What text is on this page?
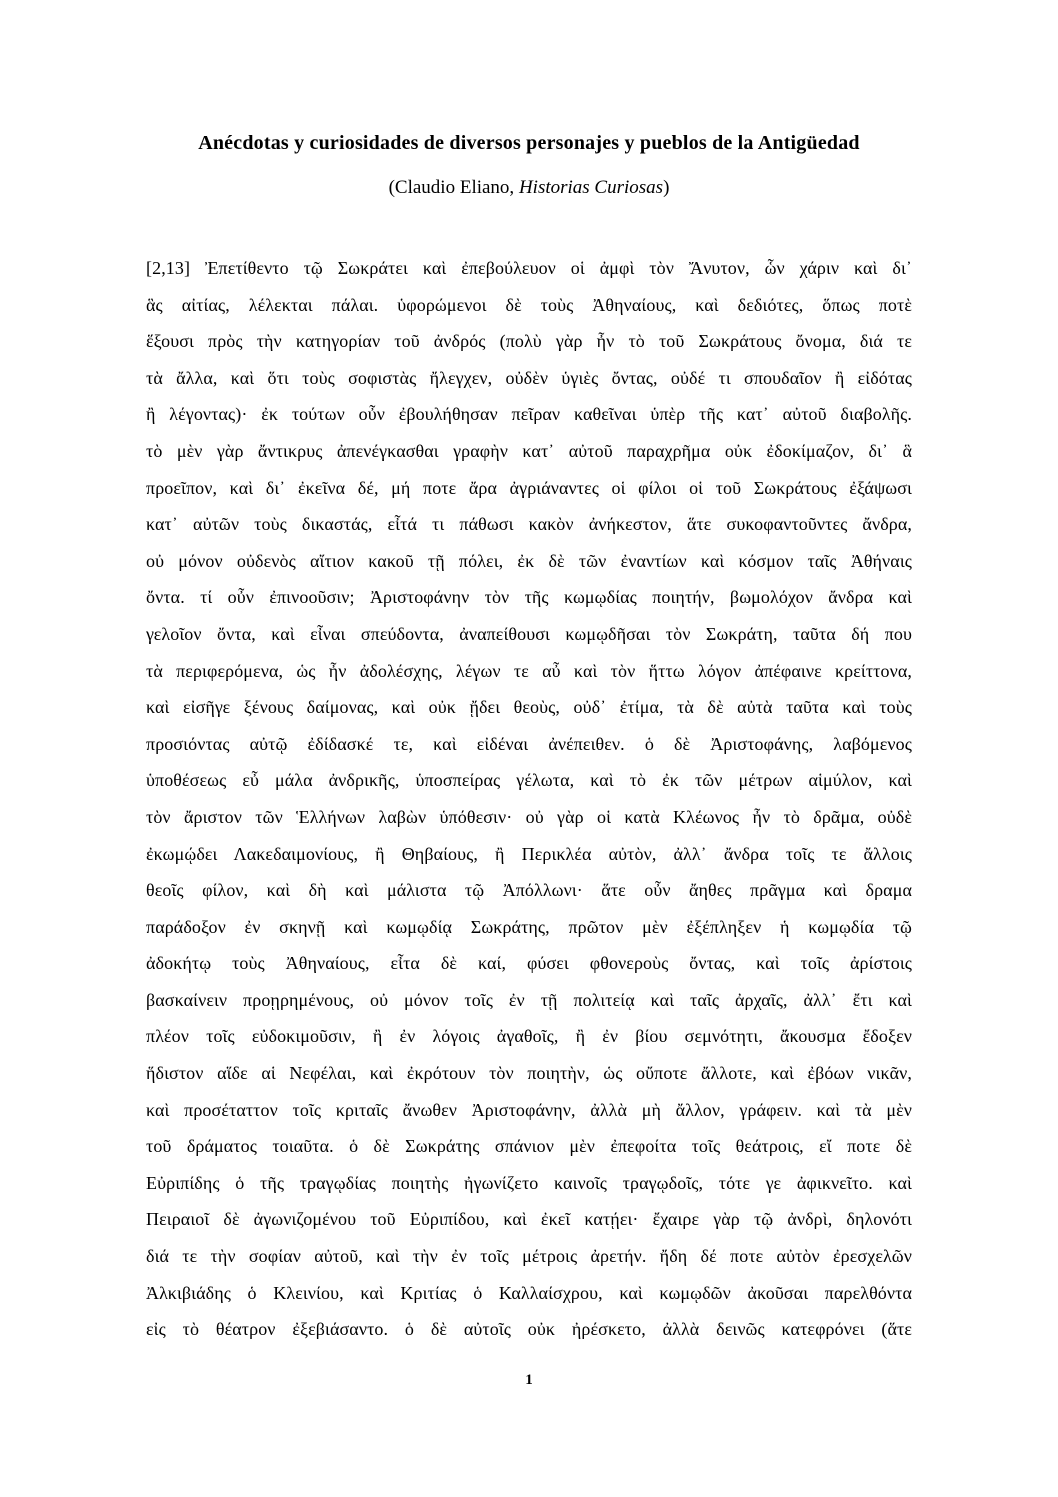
Anécdotas y curiosidades de diversos personajes y pueblos de la Antigüedad
(Claudio Eliano, Historias Curiosas)
[2,13] Ἐπετίθεντο τῷ Σωκράτει καὶ ἐπεβούλευον οἱ ἀμφὶ τὸν Ἄνυτον, ὧν χάριν καὶ δι᾽
ἃς αἰτίας, λέλεκται πάλαι. ὑφορώμενοι δὲ τοὺς Ἀθηναίους, καὶ δεδιότες, ὅπως ποτὲ
ἕξουσι πρὸς τὴν κατηγορίαν τοῦ ἀνδρός (πολὺ γὰρ ἦν τὸ τοῦ Σωκράτους ὄνομα, διά τε
τὰ ἄλλα, καὶ ὅτι τοὺς σοφιστὰς ἤλεγχεν, οὐδὲν ὑγιὲς ὄντας, οὐδέ τι σπουδαῖον ἢ εἰδότας
ἢ λέγοντας)· ἐκ τούτων οὖν ἐβουλήθησαν πεῖραν καθεῖναι ὑπὲρ τῆς κατ᾽ αὐτοῦ διαβολῆς.
τὸ μὲν γὰρ ἄντικρυς ἀπενέγκασθαι γραφὴν κατ᾽ αὐτοῦ παραχρῆμα οὐκ ἐδοκίμαζον, δι᾽ ἃ
προεῖπον, καὶ δι᾽ ἐκεῖνα δέ, μή ποτε ἄρα ἀγριάναντες οἱ φίλοι οἱ τοῦ Σωκράτους ἐξάψωσι
κατ᾽ αὐτῶν τοὺς δικαστάς, εἶτά τι πάθωσι κακὸν ἀνήκεστον, ἅτε συκοφαντοῦντες ἄνδρα,
οὐ μόνον οὐδενὸς αἴτιον κακοῦ τῇ πόλει, ἐκ δὲ τῶν ἐναντίων καὶ κόσμον ταῖς Ἀθήναις
ὄντα. τί οὖν ἐπινοοῦσιν; Ἀριστοφάνην τὸν τῆς κωμῳδίας ποιητήν, βωμολόχον ἄνδρα καὶ
γελοῖον ὄντα, καὶ εἶναι σπεύδοντα, ἀναπείθουσι κωμῳδῆσαι τὸν Σωκράτη, ταῦτα δή που
τὰ περιφερόμενα, ὡς ἦν ἀδολέσχης, λέγων τε αὖ καὶ τὸν ἥττω λόγον ἀπέφαινε κρείττονα,
καὶ εἰσῆγε ξένους δαίμονας, καὶ οὐκ ᾔδει θεοὺς, οὐδ᾽ ἐτίμα, τὰ δὲ αὐτὰ ταῦτα καὶ τοὺς
προσιόντας αὐτῷ ἐδίδασκέ τε, καὶ εἰδέναι ἀνέπειθεν. ὁ δὲ Ἀριστοφάνης, λαβόμενος
ὑποθέσεως εὖ μάλα ἀνδρικῆς, ὑποσπείρας γέλωτα, καὶ τὸ ἐκ τῶν μέτρων αἱμύλον, καὶ
τὸν ἄριστον τῶν Ἑλλήνων λαβὼν ὑπόθεσιν· οὐ γὰρ οἱ κατὰ Κλέωνος ἦν τὸ δρᾶμα, οὐδὲ
ἐκωμῴδει Λακεδαιμονίους, ἢ Θηβαίους, ἢ Περικλέα αὐτὸν, ἀλλ᾽ ἄνδρα τοῖς τε ἄλλοις
θεοῖς φίλον, καὶ δὴ καὶ μάλιστα τῷ Ἀπόλλωνι· ἅτε οὖν ἄηθες πρᾶγμα καὶ δραμα
παράδοξον ἐν σκηνῇ καὶ κωμῳδίᾳ Σωκράτης, πρῶτον μὲν ἐξέπληξεν ἡ κωμῳδία τῷ
ἀδοκήτῳ τοὺς Ἀθηναίους, εἶτα δὲ καί, φύσει φθονεροὺς ὄντας, καὶ τοῖς ἀρίστοις
βασκαίνειν προῃρημένους, οὐ μόνον τοῖς ἐν τῇ πολιτείᾳ καὶ ταῖς ἀρχαῖς, ἀλλ᾽ ἔτι καὶ
πλέον τοῖς εὐδοκιμοῦσιν, ἢ ἐν λόγοις ἀγαθοῖς, ἢ ἐν βίου σεμνότητι, ἄκουσμα ἔδοξεν
ἥδιστον αἵδε αἱ Νεφέλαι, καὶ ἐκρότουν τὸν ποιητὴν, ὡς οὔποτε ἄλλοτε, καὶ ἐβόων νικᾶν,
καὶ προσέταττον τοῖς κριταῖς ἄνωθεν Ἀριστοφάνην, ἀλλὰ μὴ ἄλλον, γράφειν. καὶ τὰ μὲν
τοῦ δράματος τοιαῦτα. ὁ δὲ Σωκράτης σπάνιον μὲν ἐπεφοίτα τοῖς θεάτροις, εἴ ποτε δὲ
Εὐριπίδης ὁ τῆς τραγῳδίας ποιητὴς ἠγωνίζετο καινοῖς τραγῳδοῖς, τότε γε ἀφικνεῖτο. καὶ
Πειραιοῖ δὲ ἀγωνιζομένου τοῦ Εὐριπίδου, καὶ ἐκεῖ κατῄει· ἔχαιρε γὰρ τῷ ἀνδρὶ, δηλονότι
διά τε τὴν σοφίαν αὐτοῦ, καὶ τὴν ἐν τοῖς μέτροις ἀρετήν. ἤδη δέ ποτε αὐτὸν ἐρεσχελῶν
Ἀλκιβιάδης ὁ Κλεινίου, καὶ Κριτίας ὁ Καλλαίσχρου, καὶ κωμῳδῶν ἀκοῦσαι παρελθόντα
εἰς τὸ θέατρον ἐξεβιάσαντο. ὁ δὲ αὐτοῖς οὐκ ἠρέσκετο, ἀλλὰ δεινῶς κατεφρόνει (ἅτε
1
